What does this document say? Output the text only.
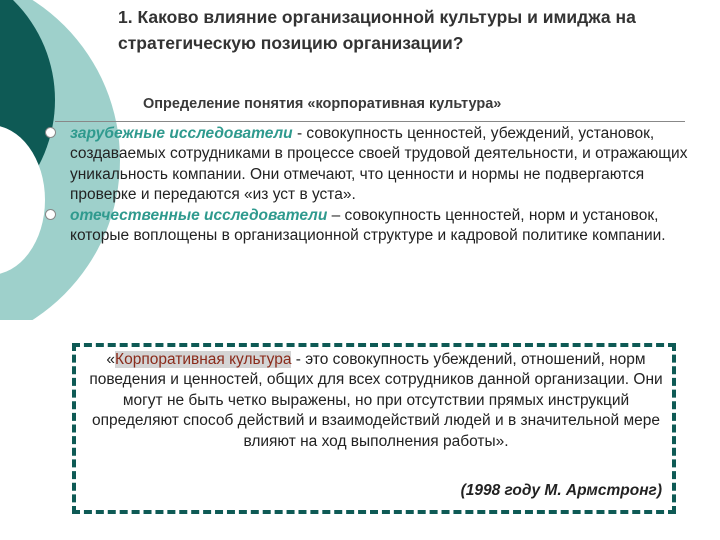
1. Каково влияние организационной культуры и имиджа на стратегическую позицию организации?
Определение понятия «корпоративная культура»
зарубежные исследователи - совокупность ценностей, убеждений, установок, создаваемых сотрудниками в процессе своей трудовой деятельности, и отражающих уникальность компании. Они отмечают, что ценности и нормы не подвергаются проверке и передаются «из уст в уста».
отечественные исследователи – совокупность ценностей, норм и установок, которые воплощены в организационной структуре и кадровой политике компании.
«Корпоративная культура - это совокупность убеждений, отношений, норм поведения и ценностей, общих для всех сотрудников данной организации. Они могут не быть четко выражены, но при отсутствии прямых инструкций определяют способ действий и взаимодействий людей и в значительной мере влияют на ход выполнения работы».
(1998 году М. Армстронг)
